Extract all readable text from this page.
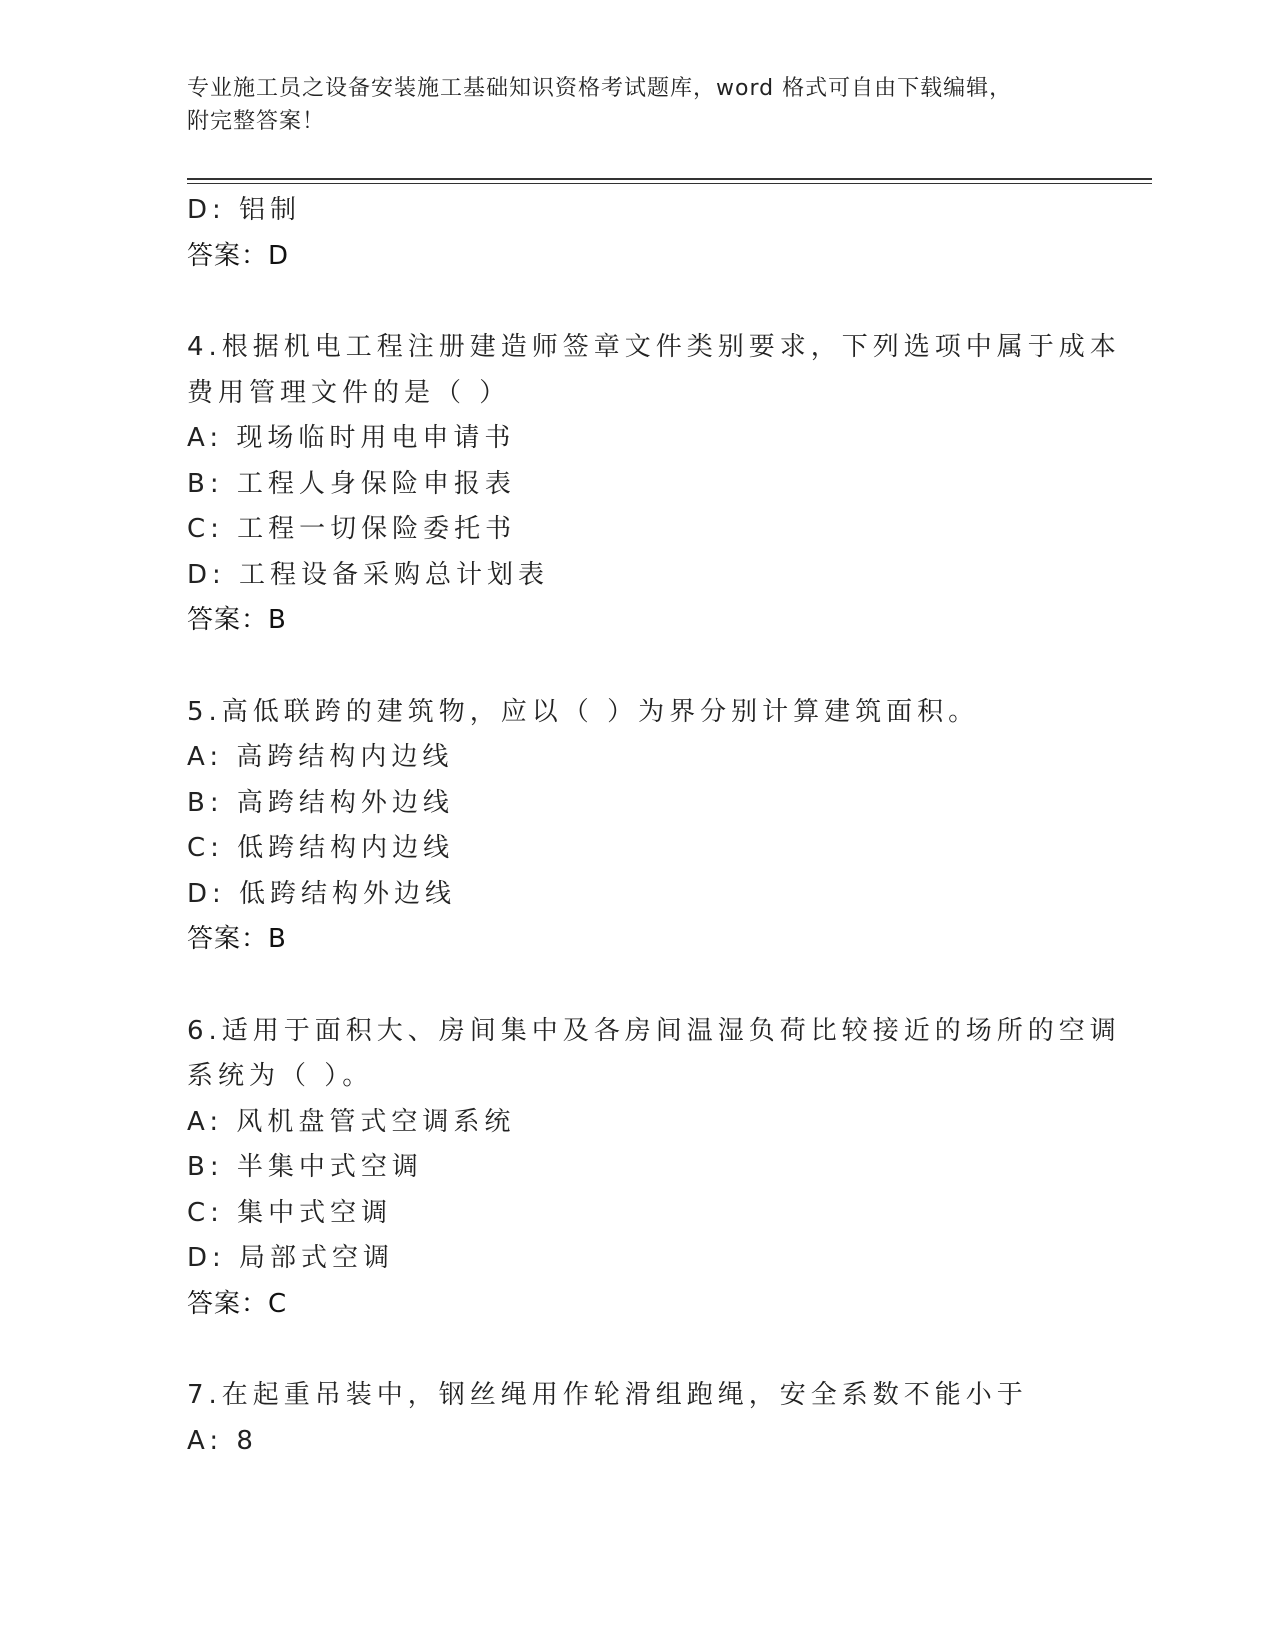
专业施工员之设备安装施工基础知识资格考试题库，word 格式可自由下载编辑，
附完整答案！
D: 铝制
答案：D
4.根据机电工程注册建造师签章文件类别要求，下列选项中属于成本
费用管理文件的是（ ）
A: 现场临时用电申请书
B: 工程人身保险申报表
C: 工程一切保险委托书
D: 工程设备采购总计划表
答案：B
5.高低联跨的建筑物，应以（ ）为界分别计算建筑面积。
A: 高跨结构内边线
B: 高跨结构外边线
C: 低跨结构内边线
D: 低跨结构外边线
答案：B
6.适用于面积大、房间集中及各房间温湿负荷比较接近的场所的空调
系统为（ ）。
A: 风机盘管式空调系统
B: 半集中式空调
C: 集中式空调
D: 局部式空调
答案：C
7.在起重吊装中，钢丝绳用作轮滑组跑绳，安全系数不能小于
A: 8
